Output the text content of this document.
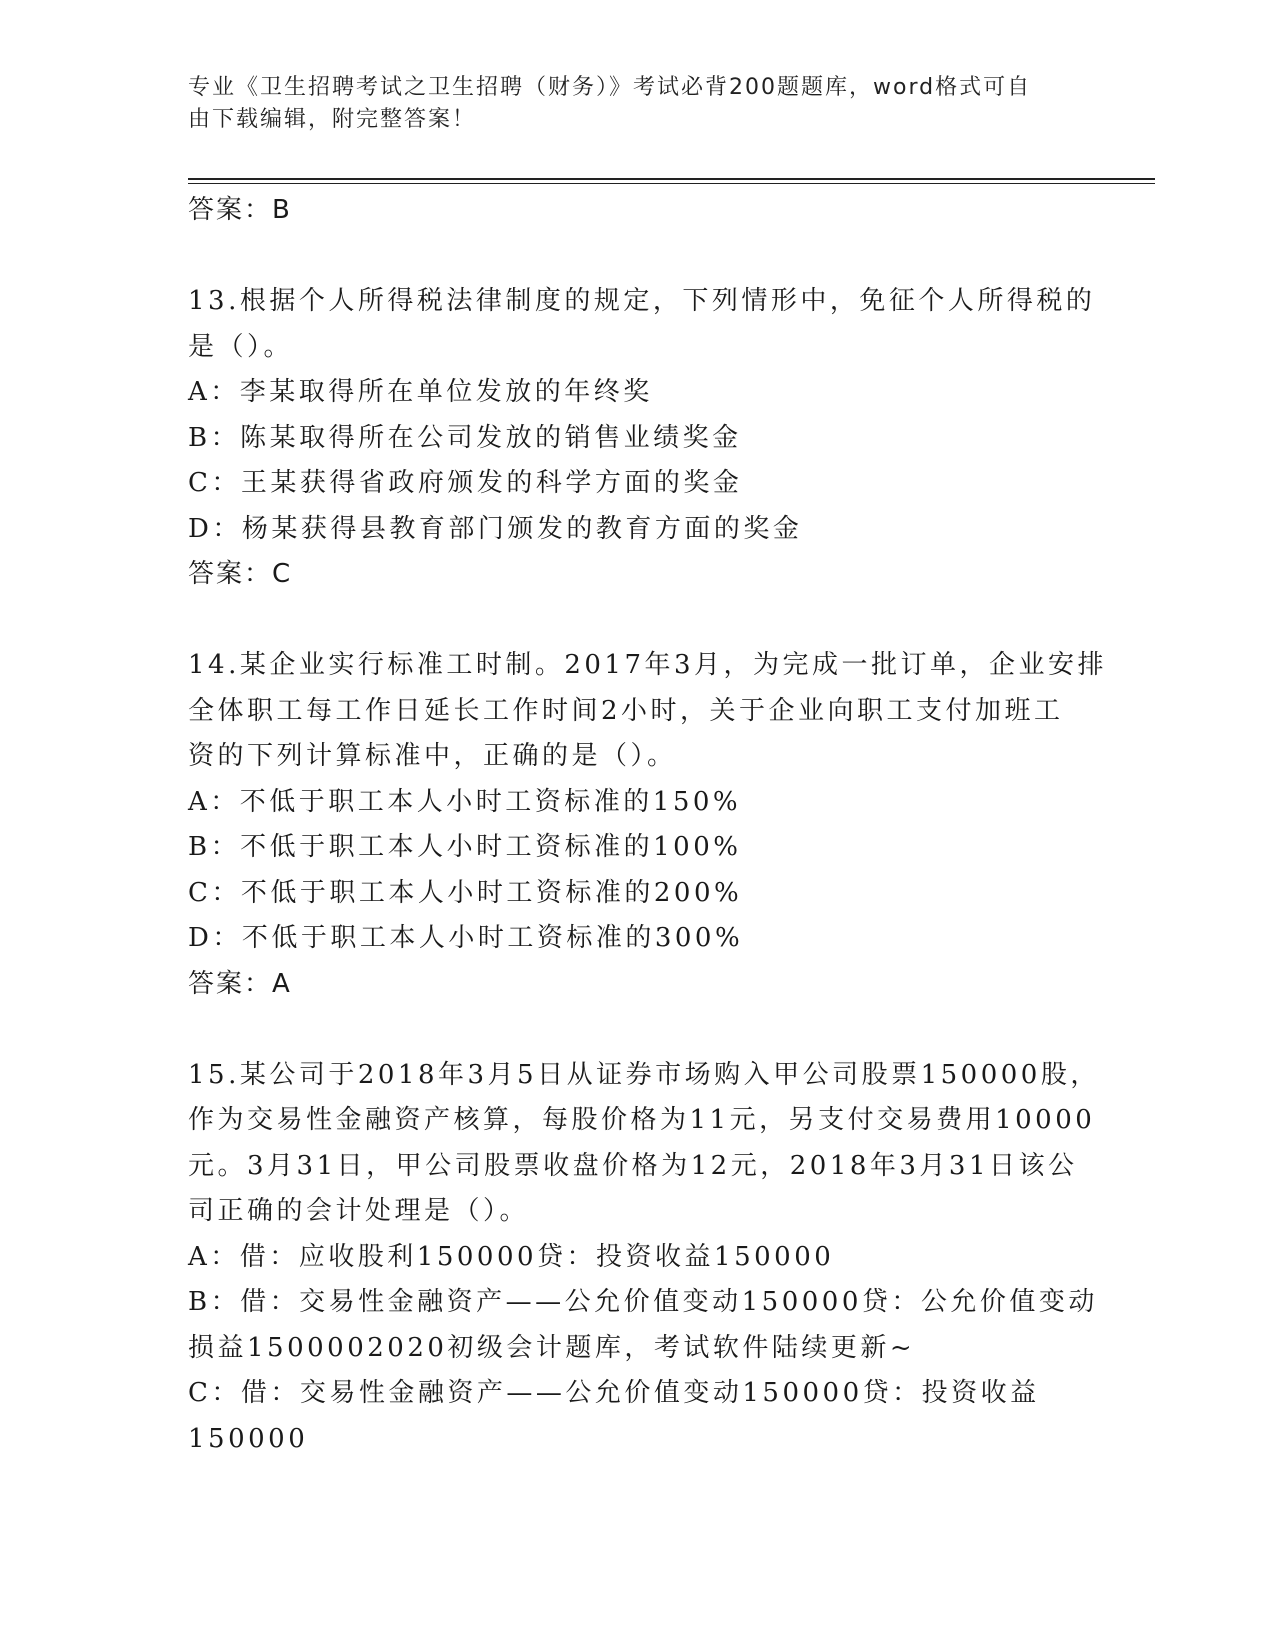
专业《卫生招聘考试之卫生招聘（财务）》考试必背200题题库，word格式可自
由下载编辑，附完整答案！
答案：B
13.根据个人所得税法律制度的规定，下列情形中，免征个人所得税的
是（）。
A：李某取得所在单位发放的年终奖
B：陈某取得所在公司发放的销售业绩奖金
C：王某获得省政府颁发的科学方面的奖金
D：杨某获得县教育部门颁发的教育方面的奖金
答案：C
14.某企业实行标准工时制。2017年3月，为完成一批订单，企业安排
全体职工每工作日延长工作时间2小时，关于企业向职工支付加班工
资的下列计算标准中，正确的是（）。
A：不低于职工本人小时工资标准的150%
B：不低于职工本人小时工资标准的100%
C：不低于职工本人小时工资标准的200%
D：不低于职工本人小时工资标准的300%
答案：A
15.某公司于2018年3月5日从证券市场购入甲公司股票150000股，
作为交易性金融资产核算，每股价格为11元，另支付交易费用10000
元。3月31日，甲公司股票收盘价格为12元，2018年3月31日该公
司正确的会计处理是（）。
A：借：应收股利150000贷：投资收益150000
B：借：交易性金融资产——公允价值变动150000贷：公允价值变动
损益1500002020初级会计题库，考试软件陆续更新~
C：借：交易性金融资产——公允价值变动150000贷：投资收益
150000
